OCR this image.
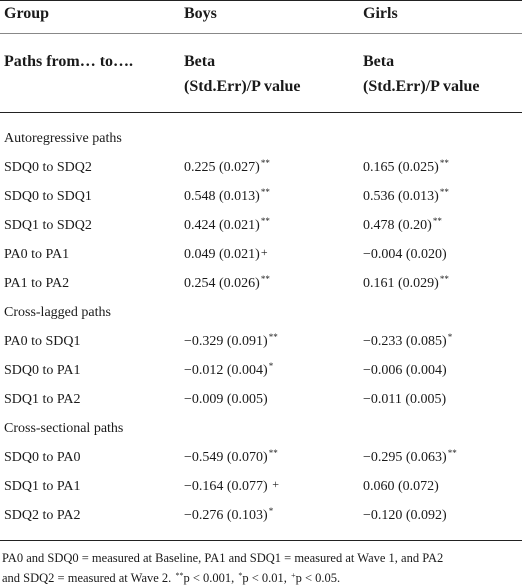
Group	Boys	Girls
Paths from… to….	Beta	Beta
(Std.Err)/P value	(Std.Err)/P value
Autoregressive paths
SDQ0 to SDQ2	0.225 (0.027)**	0.165 (0.025)**
SDQ0 to SDQ1	0.548 (0.013)**	0.536 (0.013)**
SDQ1 to SDQ2	0.424 (0.021)**	0.478 (0.20)**
PA0 to PA1	0.049 (0.021)+	−0.004 (0.020)
PA1 to PA2	0.254 (0.026)**	0.161 (0.029)**
Cross-lagged paths
PA0 to SDQ1	−0.329 (0.091)**	−0.233 (0.085)*
SDQ0 to PA1	−0.012 (0.004)*	−0.006 (0.004)
SDQ1 to PA2	−0.009 (0.005)	−0.011 (0.005)
Cross-sectional paths
SDQ0 to PA0	−0.549 (0.070)**	−0.295 (0.063)**
SDQ1 to PA1	−0.164 (0.077) +	0.060 (0.072)
SDQ2 to PA2	−0.276 (0.103)*	−0.120 (0.092)
PA0 and SDQ0 = measured at Baseline, PA1 and SDQ1 = measured at Wave 1, and PA2
and SDQ2 = measured at Wave 2. **p < 0.001, *p < 0.01, +p < 0.05.
